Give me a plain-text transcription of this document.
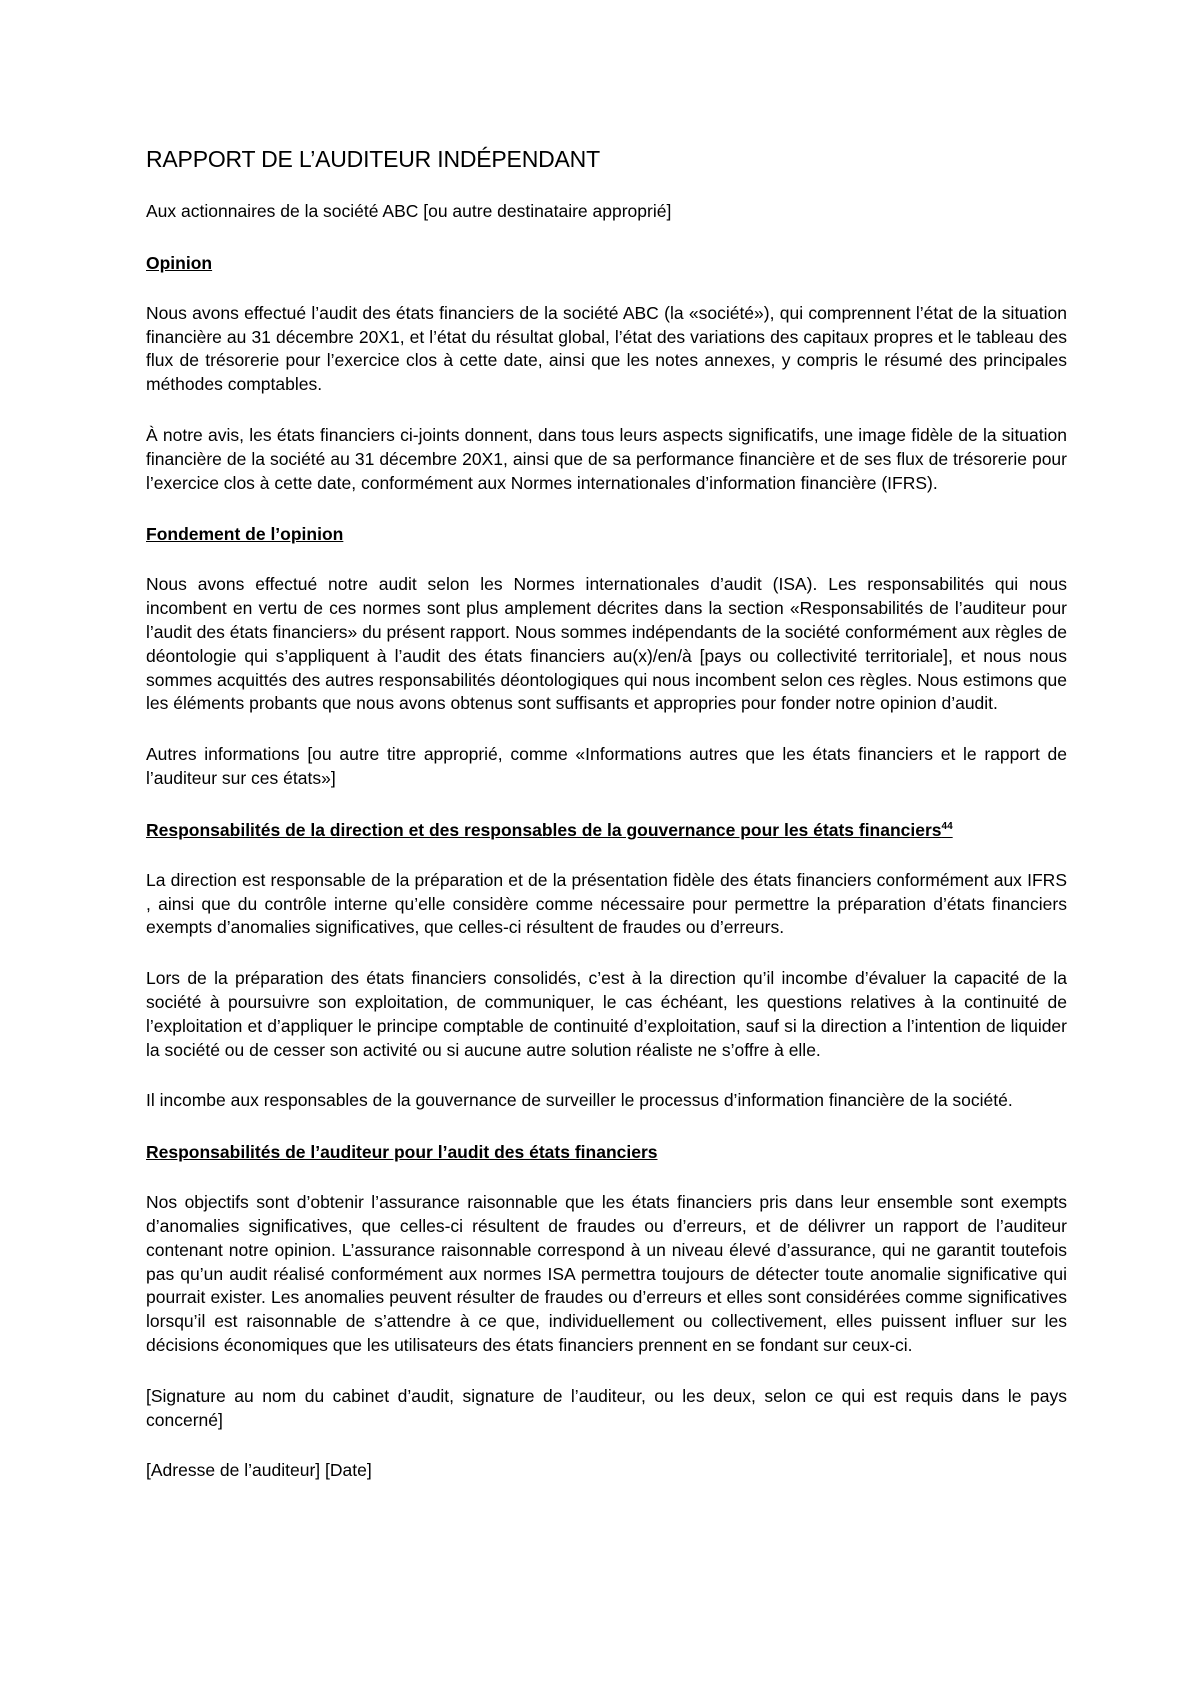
RAPPORT DE L’AUDITEUR INDÉPENDANT

Aux actionnaires de la société ABC [ou autre destinataire approprié]

Opinion

Nous avons effectué l’audit des états financiers de la société ABC (la «société»), qui comprennent l’état de la situation financière au 31 décembre 20X1, et l’état du résultat global, l’état des variations des capitaux propres et le tableau des flux de trésorerie pour l’exercice clos à cette date, ainsi que les notes annexes, y compris le résumé des principales méthodes comptables.

À notre avis, les états financiers ci-joints donnent, dans tous leurs aspects significatifs, une image fidèle de la situation financière de la société au 31 décembre 20X1, ainsi que de sa performance financière et de ses flux de trésorerie pour l’exercice clos à cette date, conformément aux Normes internationales d’information financière (IFRS).

Fondement de l’opinion

Nous avons effectué notre audit selon les Normes internationales d’audit (ISA). Les responsabilités qui nous incombent en vertu de ces normes sont plus amplement décrites dans la section «Responsabilités de l’auditeur pour l’audit des états financiers» du présent rapport. Nous sommes indépendants de la société conformément aux règles de déontologie qui s’appliquent à l’audit des états financiers au(x)/en/à [pays ou collectivité territoriale], et nous nous sommes acquittés des autres responsabilités déontologiques qui nous incombent selon ces règles. Nous estimons que les éléments probants que nous avons obtenus sont suffisants et appropries pour fonder notre opinion d’audit.

Autres informations [ou autre titre approprié, comme «Informations autres que les états financiers et le rapport de l’auditeur sur ces états»]

Responsabilités de la direction et des responsables de la gouvernance pour les états financiers$^{44}$

La direction est responsable de la préparation et de la présentation fidèle des états financiers conformément aux IFRS , ainsi que du contrôle interne qu’elle considère comme nécessaire pour permettre la préparation d’états financiers exempts d’anomalies significatives, que celles-ci résultent de fraudes ou d’erreurs.

Lors de la préparation des états financiers consolidés, c’est à la direction qu’il incombe d’évaluer la capacité de la société à poursuivre son exploitation, de communiquer, le cas échéant, les questions relatives à la continuité de l’exploitation et d’appliquer le principe comptable de continuité d’exploitation, sauf si la direction a l’intention de liquider la société ou de cesser son activité ou si aucune autre solution réaliste ne s’offre à elle.

Il incombe aux responsables de la gouvernance de surveiller le processus d’information financière de la société.

Responsabilités de l’auditeur pour l’audit des états financiers

Nos objectifs sont d’obtenir l’assurance raisonnable que les états financiers pris dans leur ensemble sont exempts d’anomalies significatives, que celles-ci résultent de fraudes ou d’erreurs, et de délivrer un rapport de l’auditeur contenant notre opinion. L’assurance raisonnable correspond à un niveau élevé d’assurance, qui ne garantit toutefois pas qu’un audit réalisé conformément aux normes ISA permettra toujours de détecter toute anomalie significative qui pourrait exister. Les anomalies peuvent résulter de fraudes ou d’erreurs et elles sont considérées comme significatives lorsqu’il est raisonnable de s’attendre à ce que, individuellement ou collectivement, elles puissent influer sur les décisions économiques que les utilisateurs des états financiers prennent en se fondant sur ceux-ci.

[Signature au nom du cabinet d’audit, signature de l’auditeur, ou les deux, selon ce qui est requis dans le pays concerné]

[Adresse de l’auditeur] [Date]
